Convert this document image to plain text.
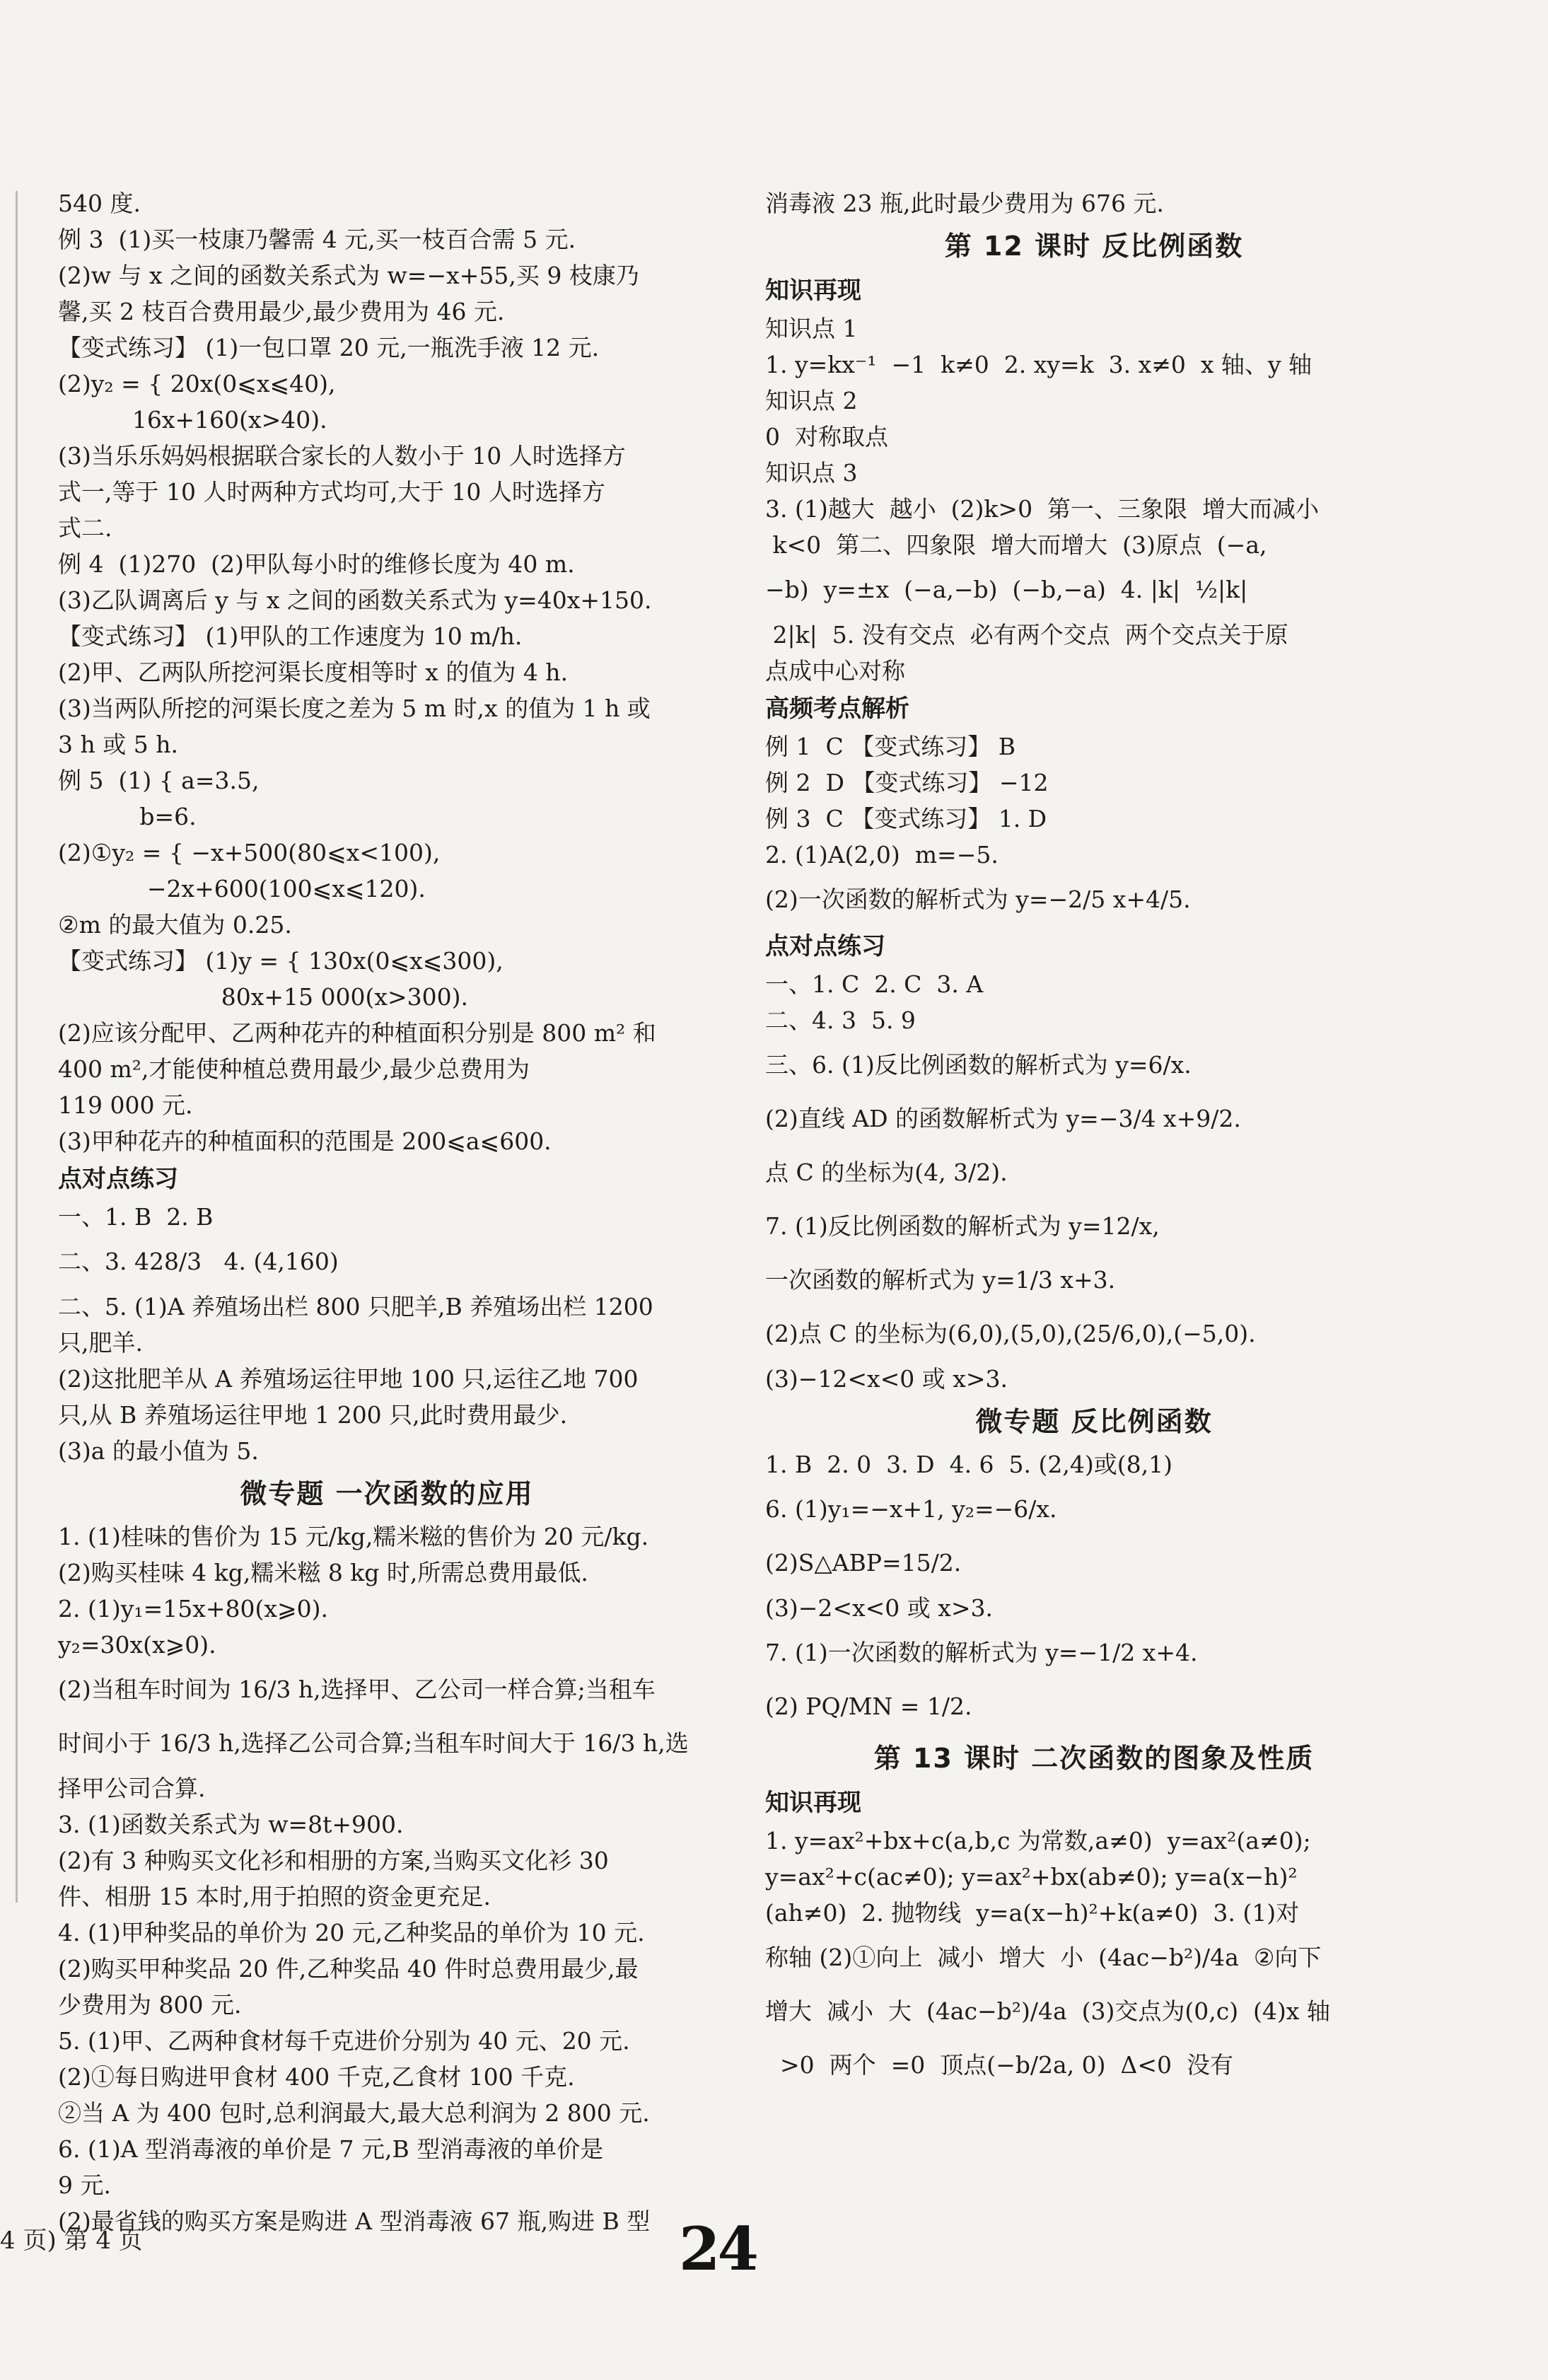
540 度.

例 3  (1)买一枝康乃馨需 4 元,买一枝百合需 5 元.

(2)w 与 x 之间的函数关系式为 w=−x+55,买 9 枝康乃

馨,买 2 枝百合费用最少,最少费用为 46 元.

【变式练习】 (1)一包口罩 20 元,一瓶洗手液 12 元.

(2)y₂ = { 20x(0⩽x⩽40),

16x+160(x>40).

(3)当乐乐妈妈根据联合家长的人数小于 10 人时选择方

式一,等于 10 人时两种方式均可,大于 10 人时选择方

式二.

例 4  (1)270  (2)甲队每小时的维修长度为 40 m.

(3)乙队调离后 y 与 x 之间的函数关系式为 y=40x+150.

【变式练习】 (1)甲队的工作速度为 10 m/h.

(2)甲、乙两队所挖河渠长度相等时 x 的值为 4 h.

(3)当两队所挖的河渠长度之差为 5 m 时,x 的值为 1 h 或

3 h 或 5 h.

例 5  (1) { a=3.5,

b=6.

(2)①y₂ = { −x+500(80⩽x<100),

−2x+600(100⩽x⩽120).

②m 的最大值为 0.25.

【变式练习】 (1)y = { 130x(0⩽x⩽300),

80x+15 000(x>300).

(2)应该分配甲、乙两种花卉的种植面积分别是 800 m² 和

400 m²,才能使种植总费用最少,最少总费用为

119 000 元.

(3)甲种花卉的种植面积的范围是 200⩽a⩽600.

点对点练习

一、1. B  2. B

二、3. 428/3   4. (4,160)

二、5. (1)A 养殖场出栏 800 只肥羊,B 养殖场出栏 1200

只,肥羊.

(2)这批肥羊从 A 养殖场运往甲地 100 只,运往乙地 700

只,从 B 养殖场运往甲地 1 200 只,此时费用最少.

(3)a 的最小值为 5.

微专题 一次函数的应用

1. (1)桂味的售价为 15 元/kg,糯米糍的售价为 20 元/kg.

(2)购买桂味 4 kg,糯米糍 8 kg 时,所需总费用最低.

2. (1)y₁=15x+80(x⩾0).

y₂=30x(x⩾0).

(2)当租车时间为 16/3 h,选择甲、乙公司一样合算;当租车

时间小于 16/3 h,选择乙公司合算;当租车时间大于 16/3 h,选

择甲公司合算.

3. (1)函数关系式为 w=8t+900.

(2)有 3 种购买文化衫和相册的方案,当购买文化衫 30

件、相册 15 本时,用于拍照的资金更充足.

4. (1)甲种奖品的单价为 20 元,乙种奖品的单价为 10 元.

(2)购买甲种奖品 20 件,乙种奖品 40 件时总费用最少,最

少费用为 800 元.

5. (1)甲、乙两种食材每千克进价分别为 40 元、20 元.

(2)①每日购进甲食材 400 千克,乙食材 100 千克.

②当 A 为 400 包时,总利润最大,最大总利润为 2 800 元.

6. (1)A 型消毒液的单价是 7 元,B 型消毒液的单价是

9 元.

(2)最省钱的购买方案是购进 A 型消毒液 67 瓶,购进 B 型

消毒液 23 瓶,此时最少费用为 676 元.

第 12 课时 反比例函数

知识再现

知识点 1

1. y=kx⁻¹  −1  k≠0  2. xy=k  3. x≠0  x 轴、y 轴

知识点 2

0  对称取点

知识点 3

3. (1)越大  越小  (2)k>0  第一、三象限  增大而减小

k<0  第二、四象限  增大而增大  (3)原点  (−a,

−b)  y=±x  (−a,−b)  (−b,−a)  4. |k|  ½|k|

2|k|  5. 没有交点  必有两个交点  两个交点关于原

点成中心对称

高频考点解析

例 1  C 【变式练习】 B

例 2  D 【变式练习】 −12

例 3  C 【变式练习】 1. D

2. (1)A(2,0)  m=−5.

(2)一次函数的解析式为 y=−2/5 x+4/5.

点对点练习

一、1. C  2. C  3. A

二、4. 3  5. 9

三、6. (1)反比例函数的解析式为 y=6/x.

(2)直线 AD 的函数解析式为 y=−3/4 x+9/2.

点 C 的坐标为(4, 3/2).

7. (1)反比例函数的解析式为 y=12/x,

一次函数的解析式为 y=1/3 x+3.

(2)点 C 的坐标为(6,0),(5,0),(25/6,0),(−5,0).

(3)−12<x<0 或 x>3.

微专题 反比例函数

1. B  2. 0  3. D  4. 6  5. (2,4)或(8,1)

6. (1)y₁=−x+1, y₂=−6/x.

(2)S△ABP=15/2.

(3)−2<x<0 或 x>3.

7. (1)一次函数的解析式为 y=−1/2 x+4.

(2) PQ/MN = 1/2.

第 13 课时 二次函数的图象及性质

知识再现

1. y=ax²+bx+c(a,b,c 为常数,a≠0)  y=ax²(a≠0);

y=ax²+c(ac≠0); y=ax²+bx(ab≠0); y=a(x−h)²

(ah≠0)  2. 抛物线  y=a(x−h)²+k(a≠0)  3. (1)对

称轴 (2)①向上  减小  增大  小  (4ac−b²)/4a  ②向下

增大  减小  大  (4ac−b²)/4a  (3)交点为(0,c)  (4)x 轴

>0  两个  =0  顶点(−b/2a, 0)  Δ<0  没有

4 页) 第 4 页	24
